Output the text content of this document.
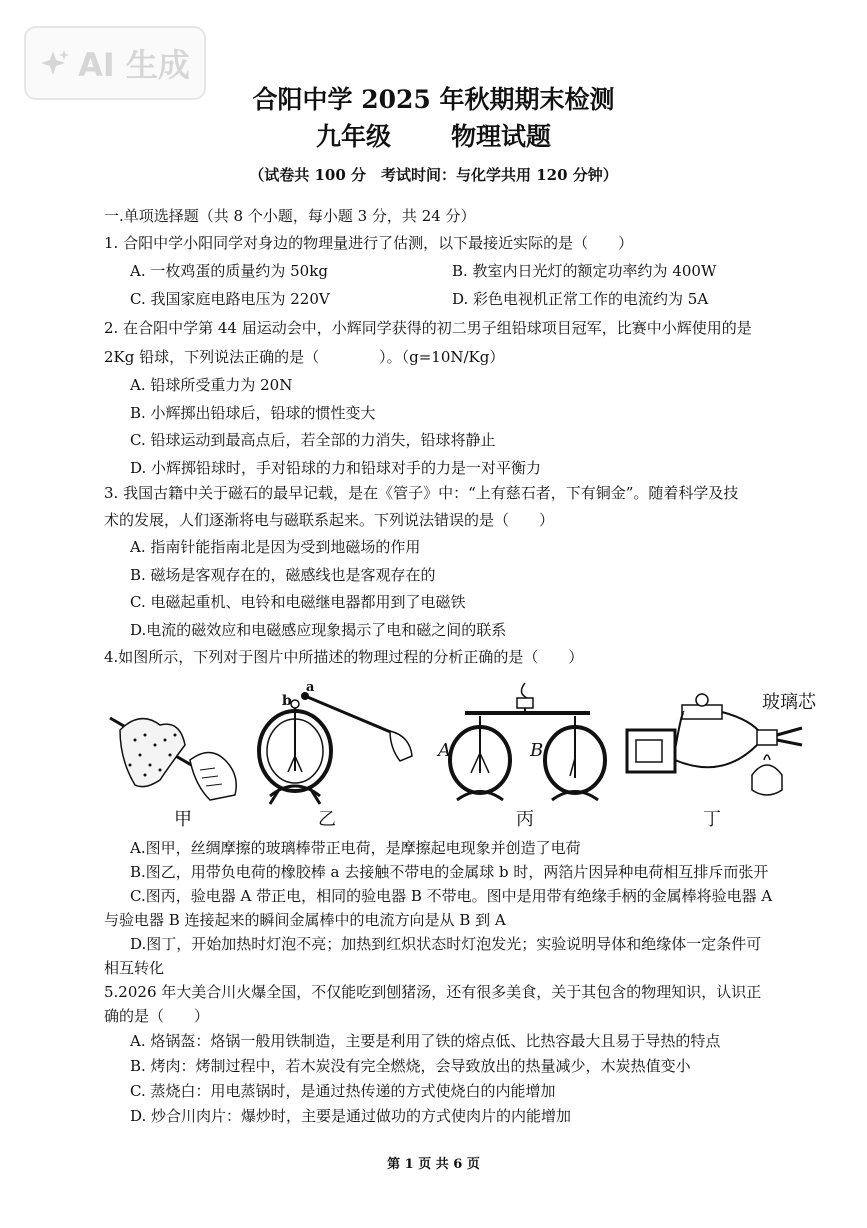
AI 生成
合阳中学 2025 年秋期期末检测
九年级 物理试题
（试卷共 100 分　考试时间：与化学共用 120 分钟）
一.单项选择题（共 8 个小题，每小题 3 分，共 24 分）
1. 合阳中学小阳同学对身边的物理量进行了估测，以下最接近实际的是（　　）
A. 一枚鸡蛋的质量约为 50kg	B. 教室内日光灯的额定功率约为 400W
C. 我国家庭电路电压为 220V	D. 彩色电视机正常工作的电流约为 5A
2. 在合阳中学第 44 届运动会中，小辉同学获得的初二男子组铅球项目冠军，比赛中小辉使用的是
2Kg 铅球，下列说法正确的是（　　　　）。（g=10N/Kg）
A. 铅球所受重力为 20N
B. 小辉掷出铅球后，铅球的惯性变大
C. 铅球运动到最高点后，若全部的力消失，铅球将静止
D. 小辉掷铅球时，手对铅球的力和铅球对手的力是一对平衡力
3. 我国古籍中关于磁石的最早记载，是在《管子》中：“上有慈石者，下有铜金”。随着科学及技
术的发展，人们逐渐将电与磁联系起来。下列说法错误的是（　　）
A. 指南针能指南北是因为受到地磁场的作用
B. 磁场是客观存在的，磁感线也是客观存在的
C. 电磁起重机、电铃和电磁继电器都用到了电磁铁
D.电流的磁效应和电磁感应现象揭示了电和磁之间的联系
4.如图所示，下列对于图片中所描述的物理过程的分析正确的是（　　）
甲
a
b
乙
A	B
丙
玻璃芯
丁
A.图甲，丝绸摩擦的玻璃棒带正电荷，是摩擦起电现象并创造了电荷
B.图乙，用带负电荷的橡胶棒 a 去接触不带电的金属球 b 时，两箔片因异种电荷相互排斥而张开
C.图丙，验电器 A 带正电，相同的验电器 B 不带电。图中是用带有绝缘手柄的金属棒将验电器 A
与验电器 B 连接起来的瞬间金属棒中的电流方向是从 B 到 A
D.图丁，开始加热时灯泡不亮；加热到红炽状态时灯泡发光；实验说明导体和绝缘体一定条件可
相互转化
5.2026 年大美合川火爆全国，不仅能吃到刨猪汤，还有很多美食，关于其包含的物理知识，认识正
确的是（　　）
A. 烙锅盔：烙锅一般用铁制造，主要是利用了铁的熔点低、比热容最大且易于导热的特点
B. 烤肉：烤制过程中，若木炭没有完全燃烧，会导致放出的热量减少，木炭热值变小
C. 蒸烧白：用电蒸锅时，是通过热传递的方式使烧白的内能增加
D. 炒合川肉片：爆炒时，主要是通过做功的方式使肉片的内能增加
第 1 页 共 6 页
